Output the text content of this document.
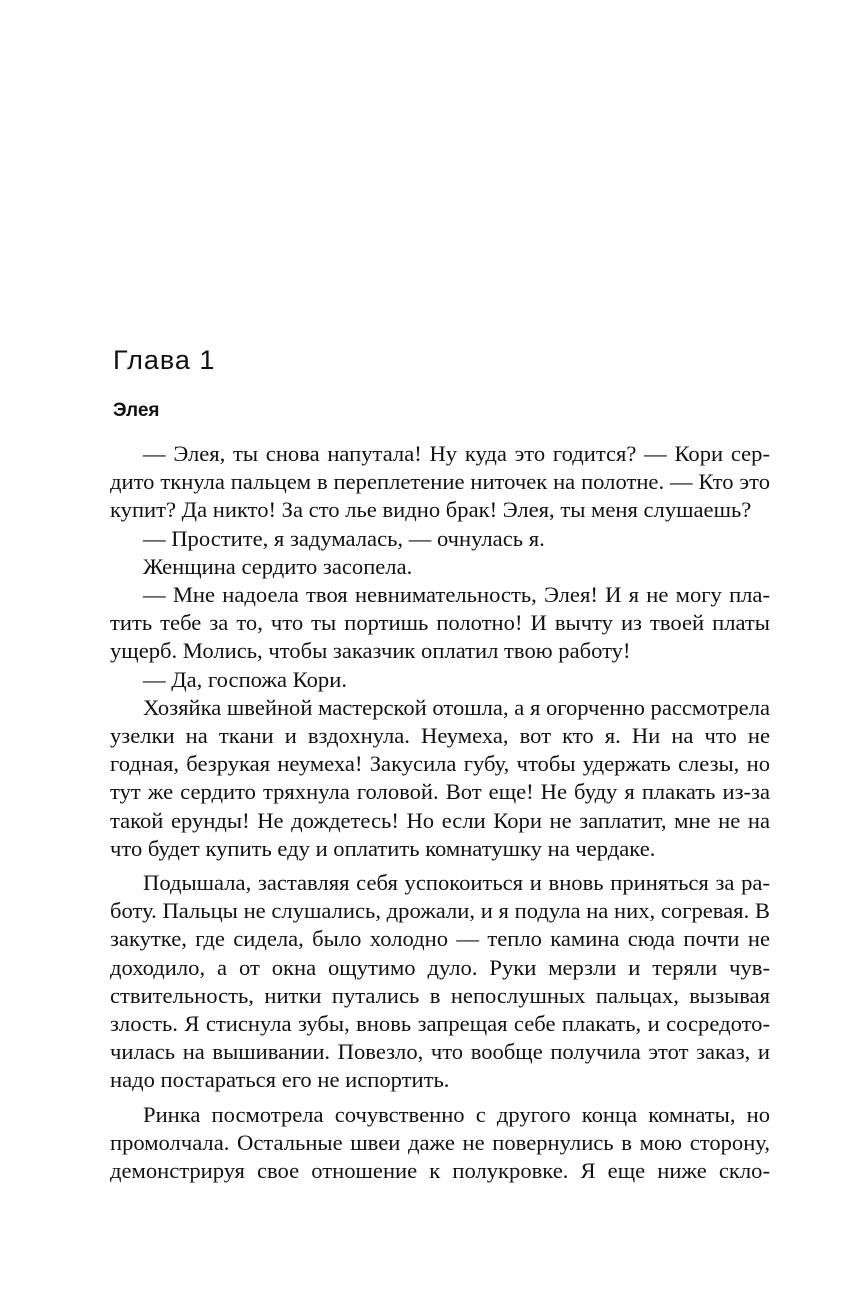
Глава 1
Элея

— Элея, ты снова напутала! Ну куда это годится? — Кори сердито ткнула пальцем в переплетение ниточек на полотне. — Кто это купит? Да никто! За сто лье видно брак! Элея, ты меня слушаешь?

— Простите, я задумалась, — очнулась я.

Женщина сердито засопела.

— Мне надоела твоя невнимательность, Элея! И я не могу платить тебе за то, что ты портишь полотно! И вычту из твоей платы ущерб. Молись, чтобы заказчик оплатил твою работу!

— Да, госпожа Кори.

Хозяйка швейной мастерской отошла, а я огорченно рассмотрела узелки на ткани и вздохнула. Неумеха, вот кто я. Ни на что не годная, безрукая неумеха! Закусила губу, чтобы удержать слезы, но тут же сердито тряхнула головой. Вот еще! Не буду я плакать из-за такой ерунды! Не дождетесь! Но если Кори не заплатит, мне не на что будет купить еду и оплатить комнатушку на чердаке.

Подышала, заставляя себя успокоиться и вновь приняться за работу. Пальцы не слушались, дрожали, и я подула на них, согревая. В закутке, где сидела, было холодно — тепло камина сюда почти не доходило, а от окна ощутимо дуло. Руки мерзли и теряли чувствительность, нитки путались в непослушных пальцах, вызывая злость. Я стиснула зубы, вновь запрещая себе плакать, и сосредоточилась на вышивании. Повезло, что вообще получила этот заказ, и надо постараться его не испортить.

Ринка посмотрела сочувственно с другого конца комнаты, но промолчала. Остальные швеи даже не повернулись в мою сторону, демонстрируя свое отношение к полукровке. Я еще ниже скло-
